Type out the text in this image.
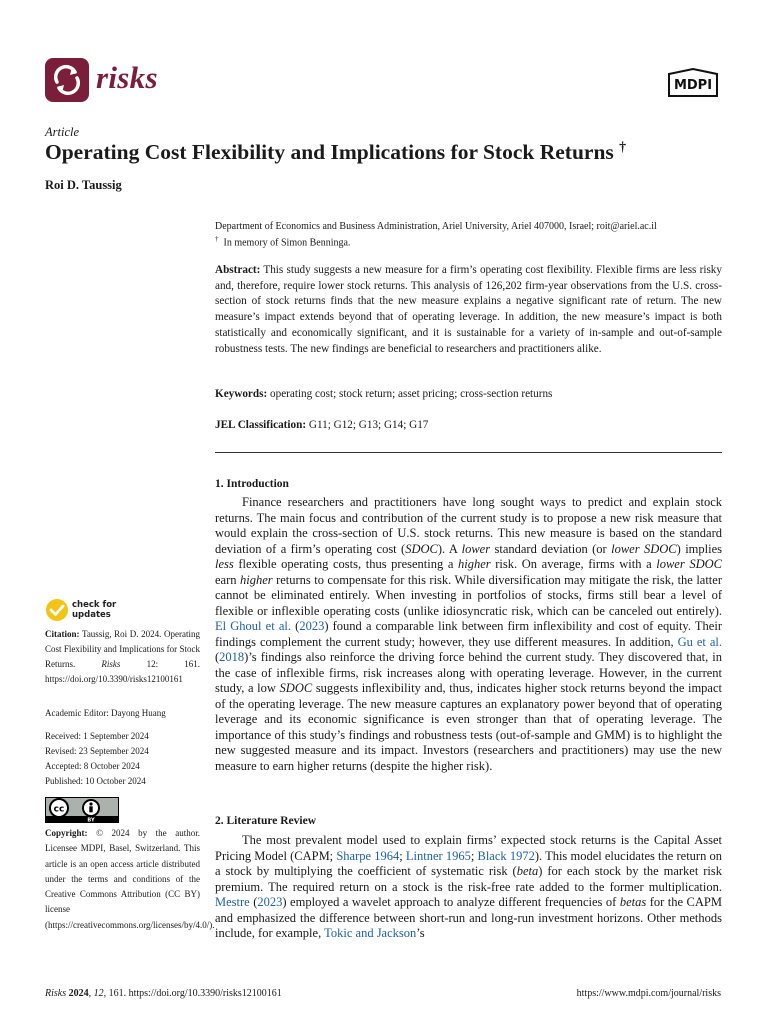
risks	MDPI
Article
Operating Cost Flexibility and Implications for Stock Returns †
Roi D. Taussig
Department of Economics and Business Administration, Ariel University, Ariel 407000, Israel; roit@ariel.ac.il
† In memory of Simon Benninga.
Abstract: This study suggests a new measure for a firm’s operating cost flexibility. Flexible firms are less risky and, therefore, require lower stock returns. This analysis of 126,202 firm-year observations from the U.S. cross-section of stock returns finds that the new measure explains a negative significant rate of return. The new measure’s impact extends beyond that of operating leverage. In addition, the new measure’s impact is both statistically and economically significant, and it is sustainable for a variety of in-sample and out-of-sample robustness tests. The new findings are beneficial to researchers and practitioners alike.
Keywords: operating cost; stock return; asset pricing; cross-section returns
JEL Classification: G11; G12; G13; G14; G17
1. Introduction
Finance researchers and practitioners have long sought ways to predict and explain stock returns. The main focus and contribution of the current study is to propose a new risk measure that would explain the cross-section of U.S. stock returns. This new measure is based on the standard deviation of a firm’s operating cost (SDOC). A lower standard deviation (or lower SDOC) implies less flexible operating costs, thus presenting a higher risk. On average, firms with a lower SDOC earn higher returns to compensate for this risk. While diversification may mitigate the risk, the latter cannot be eliminated entirely. When investing in portfolios of stocks, firms still bear a level of flexible or inflexible operating costs (unlike idiosyncratic risk, which can be canceled out entirely). El Ghoul et al. (2023) found a comparable link between firm inflexibility and cost of equity. Their findings complement the current study; however, they use different measures. In addition, Gu et al. (2018)’s findings also reinforce the driving force behind the current study. They discovered that, in the case of inflexible firms, risk increases along with operating leverage. However, in the current study, a low SDOC suggests inflexibility and, thus, indicates higher stock returns beyond the impact of the operating leverage. The new measure captures an explanatory power beyond that of operating leverage and its economic significance is even stronger than that of operating leverage. The importance of this study’s findings and robustness tests (out-of-sample and GMM) is to highlight the new suggested measure and its impact. Investors (researchers and practitioners) may use the new measure to earn higher returns (despite the higher risk).
2. Literature Review
The most prevalent model used to explain firms’ expected stock returns is the Capital Asset Pricing Model (CAPM; Sharpe 1964; Lintner 1965; Black 1972). This model elucidates the return on a stock by multiplying the coefficient of systematic risk (beta) for each stock by the market risk premium. The required return on a stock is the risk-free rate added to the former multiplication. Mestre (2023) employed a wavelet approach to analyze different frequencies of betas for the CAPM and emphasized the difference between short-run and long-run investment horizons. Other methods include, for example, Tokic and Jackson’s
check for
updates
Citation: Taussig, Roi D. 2024. Operating Cost Flexibility and Implications for Stock Returns. Risks 12: 161. https://doi.org/10.3390/risks12100161
Academic Editor: Dayong Huang
Received: 1 September 2024
Revised: 23 September 2024
Accepted: 8 October 2024
Published: 10 October 2024
cc
BY
Copyright: © 2024 by the author. Licensee MDPI, Basel, Switzerland. This article is an open access article distributed under the terms and conditions of the Creative Commons Attribution (CC BY) license (https://creativecommons.org/licenses/by/4.0/).
Risks 2024, 12, 161. https://doi.org/10.3390/risks12100161	https://www.mdpi.com/journal/risks
